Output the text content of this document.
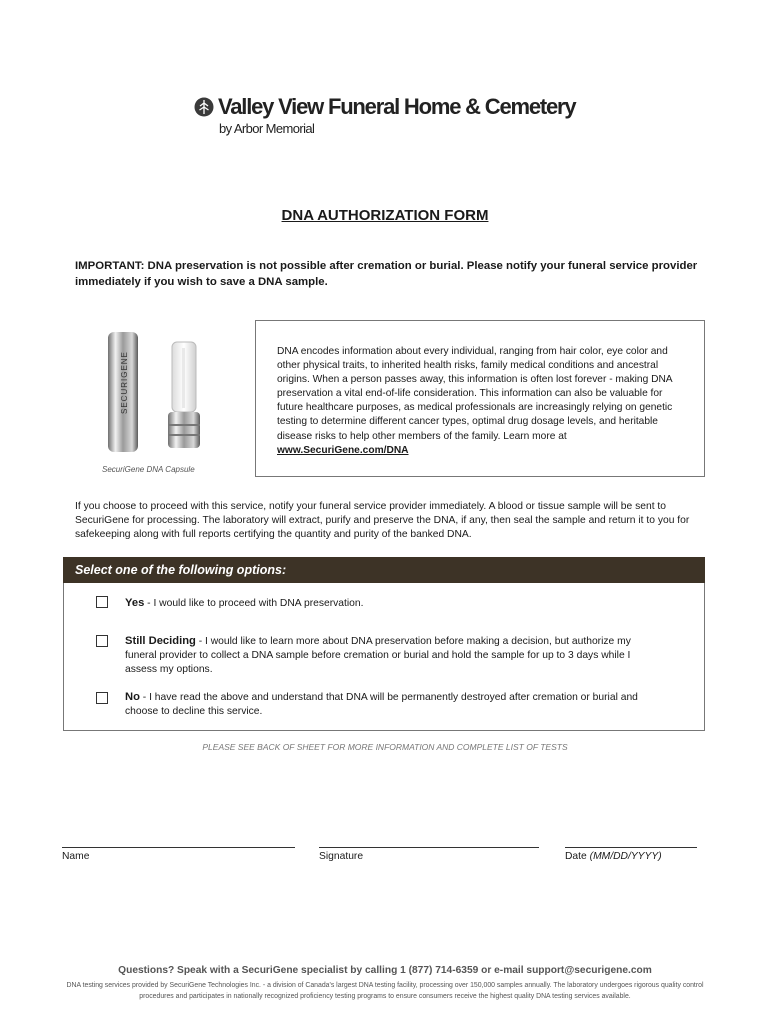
Valley View Funeral Home & Cemetery
by Arbor Memorial
DNA AUTHORIZATION FORM
IMPORTANT: DNA preservation is not possible after cremation or burial. Please notify your funeral service provider immediately if you wish to save a DNA sample.
SECURIGENE
SecuriGene DNA Capsule
DNA encodes information about every individual, ranging from hair color, eye color and other physical traits, to inherited health risks, family medical conditions and ancestral origins. When a person passes away, this information is often lost forever - making DNA preservation a vital end-of-life consideration. This information can also be valuable for future healthcare purposes, as medical professionals are increasingly relying on genetic testing to determine different cancer types, optimal drug dosage levels, and heritable disease risks to help other members of the family. Learn more at www.SecuriGene.com/DNA
If you choose to proceed with this service, notify your funeral service provider immediately. A blood or tissue sample will be sent to SecuriGene for processing. The laboratory will extract, purify and preserve the DNA, if any, then seal the sample and return it to you for safekeeping along with full reports certifying the quantity and purity of the banked DNA.
Select one of the following options:
Yes - I would like to proceed with DNA preservation.
Still Deciding - I would like to learn more about DNA preservation before making a decision, but authorize my funeral provider to collect a DNA sample before cremation or burial and hold the sample for up to 3 days while I assess my options.
No - I have read the above and understand that DNA will be permanently destroyed after cremation or burial and choose to decline this service.
PLEASE SEE BACK OF SHEET FOR MORE INFORMATION AND COMPLETE LIST OF TESTS
Name	Signature	Date (MM/DD/YYYY)
Questions? Speak with a SecuriGene specialist by calling 1 (877) 714-6359 or e-mail support@securigene.com
DNA testing services provided by SecuriGene Technologies Inc. - a division of Canada's largest DNA testing facility, processing over 150,000 samples annually. The laboratory undergoes rigorous quality control procedures and participates in nationally recognized proficiency testing programs to ensure consumers receive the highest quality DNA testing services available.
